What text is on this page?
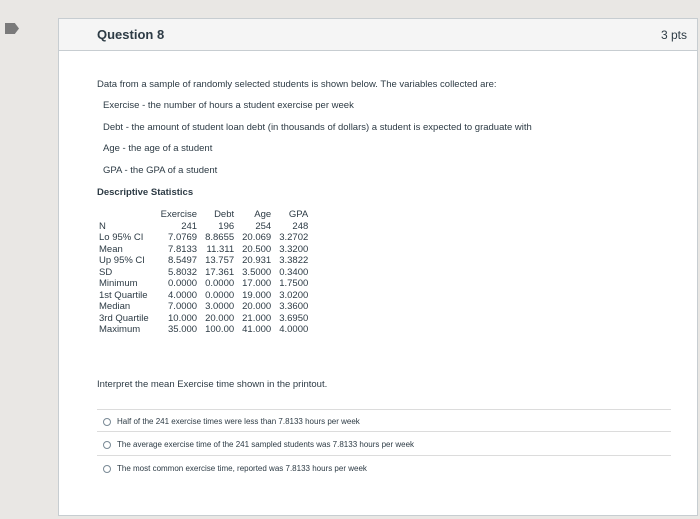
Question 8	3 pts
Data from a sample of randomly selected students is shown below. The variables collected are:
Exercise - the number of hours a student exercise per week
Debt - the amount of student loan debt (in thousands of dollars) a student is expected to graduate with
Age - the age of a student
GPA - the GPA of a student
Descriptive Statistics
	Exercise	Debt	Age	GPA
N	241	196	254	248
Lo 95% CI	7.0769	8.8655	20.069	3.2702
Mean	7.8133	11.311	20.500	3.3200
Up 95% CI	8.5497	13.757	20.931	3.3822
SD	5.8032	17.361	3.5000	0.3400
Minimum	0.0000	0.0000	17.000	1.7500
1st Quartile	4.0000	0.0000	19.000	3.0200
Median	7.0000	3.0000	20.000	3.3600
3rd Quartile	10.000	20.000	21.000	3.6950
Maximum	35.000	100.00	41.000	4.0000
Interpret the mean Exercise time shown in the printout.
Half of the 241 exercise times were less than 7.8133 hours per week
The average exercise time of the 241 sampled students was 7.8133 hours per week
The most common exercise time, reported was 7.8133 hours per week
